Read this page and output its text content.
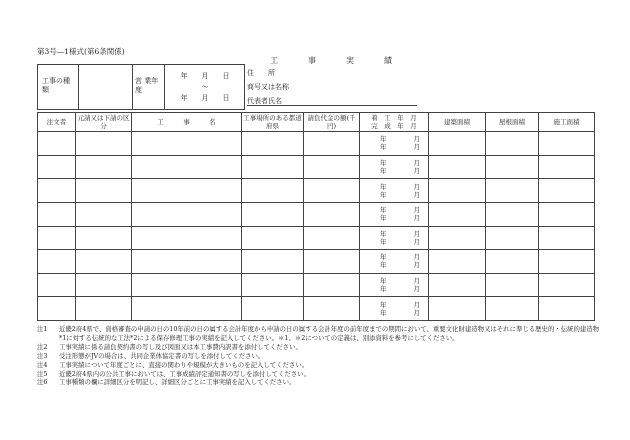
第3号―1様式(第6条関係)
工　事　実　績
工事の種　類
営 業年 度
年　　月　　日
～
年　　月　　日
住　　所
商号又は名称
代表者氏名
注文者	元請又は下請の区分	工　　　事　　　名	工事場所のある都道府県	請負代金の額(千円)	着　工　年　月
完　成　年　月	建築面積	屋根面積	施工面積

					年 月
年 月			

					年 月
年 月			

					年 月
年 月			

					年 月
年 月			

					年 月
年 月			

					年 月
年 月			

					年 月
年 月			

					年 月
年 月			

注1	近畿2府4県で、資格審査の申請の日の10年前の日の属する会計年度から申請の日の属する会計年度の前年度までの期間において、重要文化財建造物又はそれに準じる歴史的・伝統的建造物*1に対する伝統的な工法*2による保存修理工事の実績を記入してください。＊1、＊2についての定義は、別添資料を参考にしてください。
注2	工事実績に係る請負契約書の写し及び図面又は本工事費内訳書を添付してください。
注3	受注形態がJVの場合は、共同企業体協定書の写しを添付してください。
注4	工事実績について年度ごとに、直接の関わりや規模が大きいものを記入してください。
注5	近畿2府4県内の公共工事においては、工事成績評定通知書の写しを添付してください。
注6	工事種類の欄に詳細区分を明記し、詳細区分ごとに工事実績を記入してください。
